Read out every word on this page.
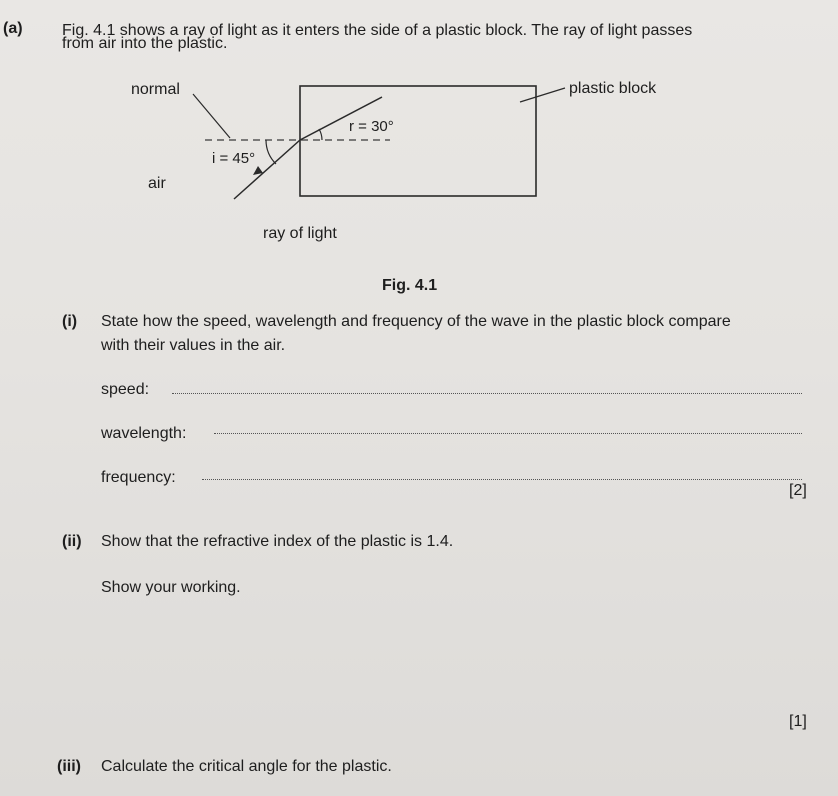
(a) Fig. 4.1 shows a ray of light as it enters the side of a plastic block. The ray of light passes
from air into the plastic.
normal	plastic block
r = 30°
i = 45°
air
ray of light
Fig. 4.1
(i) State how the speed, wavelength and frequency of the wave in the plastic block compare
with their values in the air.
speed:
wavelength:
frequency:
[2]
(ii) Show that the refractive index of the plastic is 1.4.
Show your working.
[1]
(iii) Calculate the critical angle for the plastic.
